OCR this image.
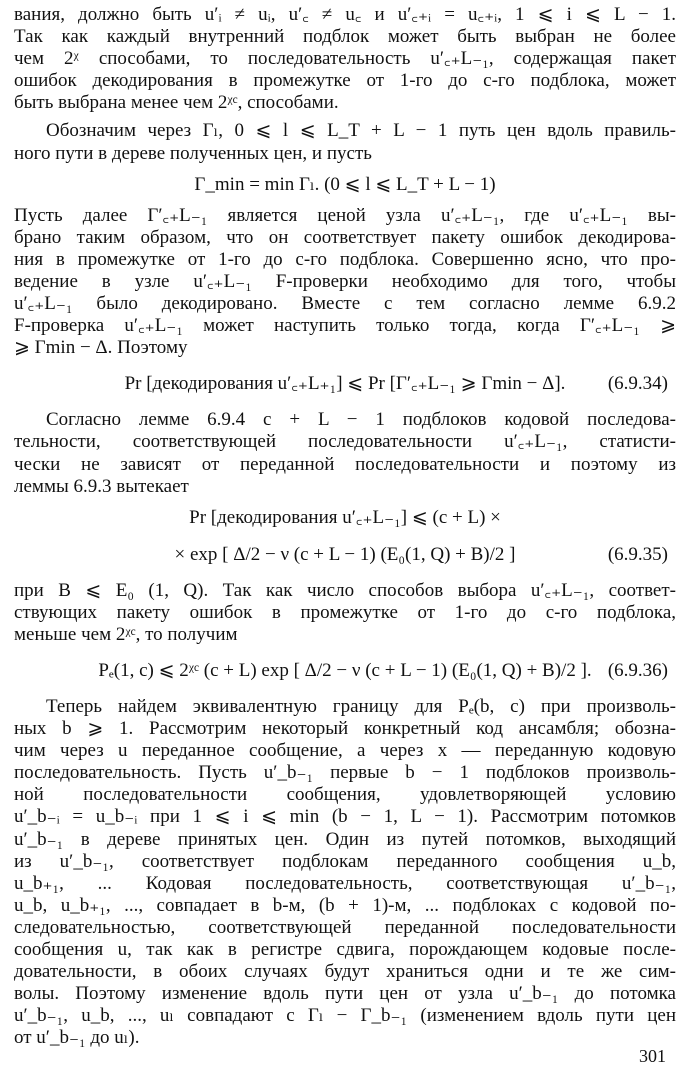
вания, должно быть u′ᵢ ≠ uᵢ, u′꜀ ≠ u꜀ и u′꜀₊ᵢ = u꜀₊ᵢ, 1 ⩽ i ⩽ L − 1.
Так как каждый внутренний подблок может быть выбран не более
чем 2ᵡ способами, то последовательность u′꜀₊L₋₁, содержащая пакет
ошибок декодирования в промежутке от 1-го до c-го подблока, может
быть выбрана менее чем 2ᵡᶜ, способами.
Обозначим через Γₗ, 0 ⩽ l ⩽ L_T + L − 1 путь цен вдоль правиль-
ного пути в дереве полученных цен, и пусть
Γ_min = min Γₗ. (0 ⩽ l ⩽ L_T + L − 1)
Пусть далее Γ′꜀₊L₋₁ является ценой узла u′꜀₊L₋₁, где u′꜀₊L₋₁ вы-
брано таким образом, что он соответствует пакету ошибок декодирова-
ния в промежутке от 1-го до c-го подблока. Совершенно ясно, что про-
ведение в узле u′꜀₊L₋₁ F-проверки необходимо для того, чтобы
u′꜀₊L₋₁ было декодировано. Вместе с тем согласно лемме 6.9.2
F-проверка u′꜀₊L₋₁ может наступить только тогда, когда Γ′꜀₊L₋₁ ⩾
⩾ Γmin − Δ. Поэтому
Pr [декодирования u′꜀₊L₊₁] ⩽ Pr [Γ′꜀₊L₋₁ ⩾ Γmin − Δ]. (6.9.34)
Согласно лемме 6.9.4 c + L − 1 подблоков кодовой последова-
тельности, соответствующей последовательности u′꜀₊L₋₁, статисти-
чески не зависят от переданной последовательности и поэтому из
леммы 6.9.3 вытекает
Pr [декодирования u′꜀₊L₋₁] ⩽ (c + L) ×
× exp [ Δ/2 − ν (c + L − 1) (E₀(1, Q) + B)/2 ]	(6.9.35)
при B ⩽ E₀ (1, Q). Так как число способов выбора u′꜀₊L₋₁, соответ-
ствующих пакету ошибок в промежутке от 1-го до c-го подблока,
меньше чем 2ᵡᶜ, то получим
Pₑ(1, c) ⩽ 2ᵡᶜ (c + L) exp [ Δ/2 − ν (c + L − 1) (E₀(1, Q) + B)/2 ]. (6.9.36)
Теперь найдем эквивалентную границу для Pₑ(b, c) при произволь-
ных b ⩾ 1. Рассмотрим некоторый конкретный код ансамбля; обозна-
чим через u переданное сообщение, а через x — переданную кодовую
последовательность. Пусть u′_b₋₁ первые b − 1 подблоков произволь-
ной последовательности сообщения, удовлетворяющей условию
u′_b₋ᵢ = u_b₋ᵢ при 1 ⩽ i ⩽ min (b − 1, L − 1). Рассмотрим потомков
u′_b₋₁ в дереве принятых цен. Один из путей потомков, выходящий
из u′_b₋₁, соответствует подблокам переданного сообщения u_b,
u_b₊₁, ... Кодовая последовательность, соответствующая u′_b₋₁,
u_b, u_b₊₁, ..., совпадает в b-м, (b + 1)-м, ... подблоках с кодовой по-
следовательностью, соответствующей переданной последовательности
сообщения u, так как в регистре сдвига, порождающем кодовые после-
довательности, в обоих случаях будут храниться одни и те же сим-
волы. Поэтому изменение вдоль пути цен от узла u′_b₋₁ до потомка
u′_b₋₁, u_b, ..., uₗ совпадают с Γₗ − Γ_b₋₁ (изменением вдоль пути цен
от u′_b₋₁ до uₗ).
301
